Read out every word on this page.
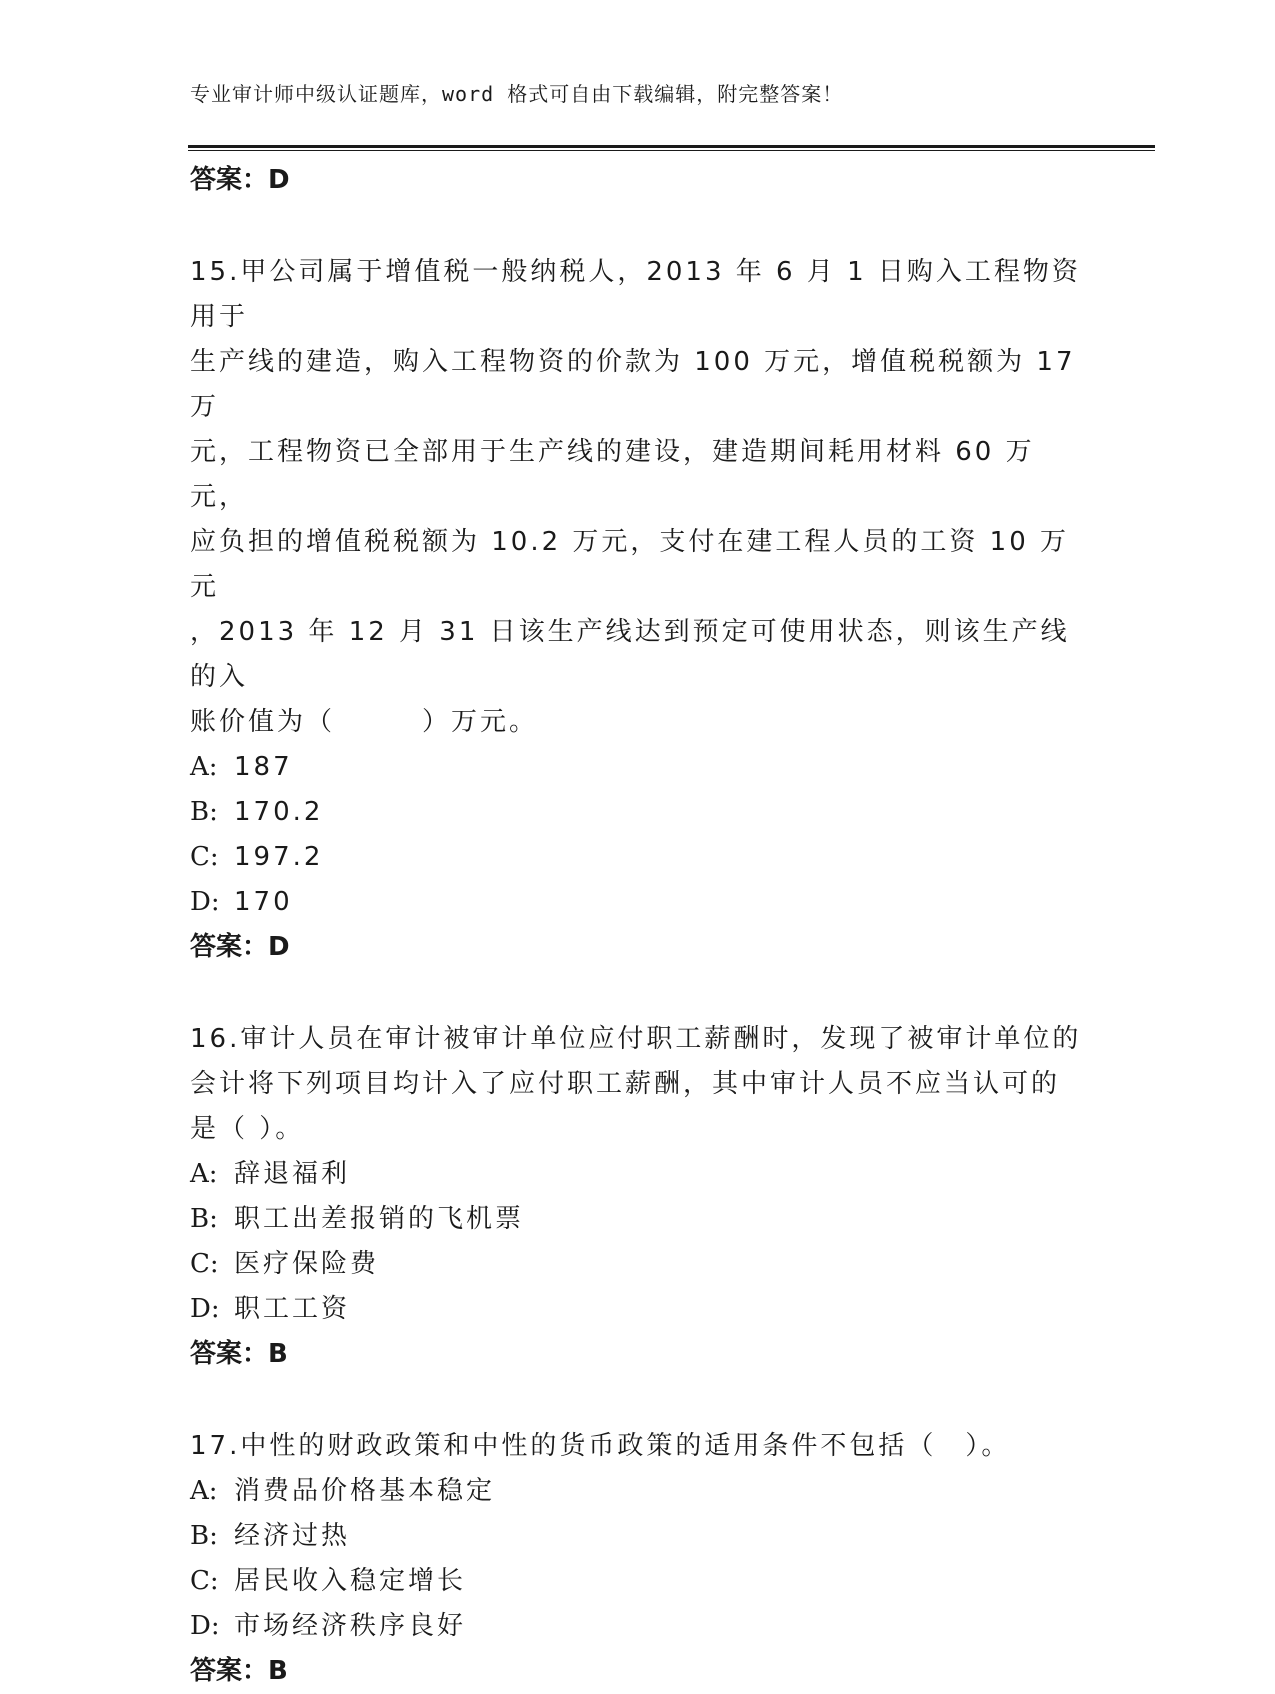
专业审计师中级认证题库，word 格式可自由下载编辑，附完整答案！
答案：D
15.甲公司属于增值税一般纳税人，2013 年 6 月 1 日购入工程物资用于
生产线的建造，购入工程物资的价款为 100 万元，增值税税额为 17 万
元，工程物资已全部用于生产线的建设，建造期间耗用材料 60 万元，
应负担的增值税税额为 10.2 万元，支付在建工程人员的工资 10 万元
，2013 年 12 月 31 日该生产线达到预定可使用状态，则该生产线的入
账价值为（　　　）万元。
A: 187
B: 170.2
C: 197.2
D: 170
答案：D
16.审计人员在审计被审计单位应付职工薪酬时，发现了被审计单位的
会计将下列项目均计入了应付职工薪酬，其中审计人员不应当认可的
是（ ）。
A: 辞退福利
B: 职工出差报销的飞机票
C: 医疗保险费
D: 职工工资
答案：B
17.中性的财政政策和中性的货币政策的适用条件不包括（　）。
A: 消费品价格基本稳定
B: 经济过热
C: 居民收入稳定增长
D: 市场经济秩序良好
答案：B
